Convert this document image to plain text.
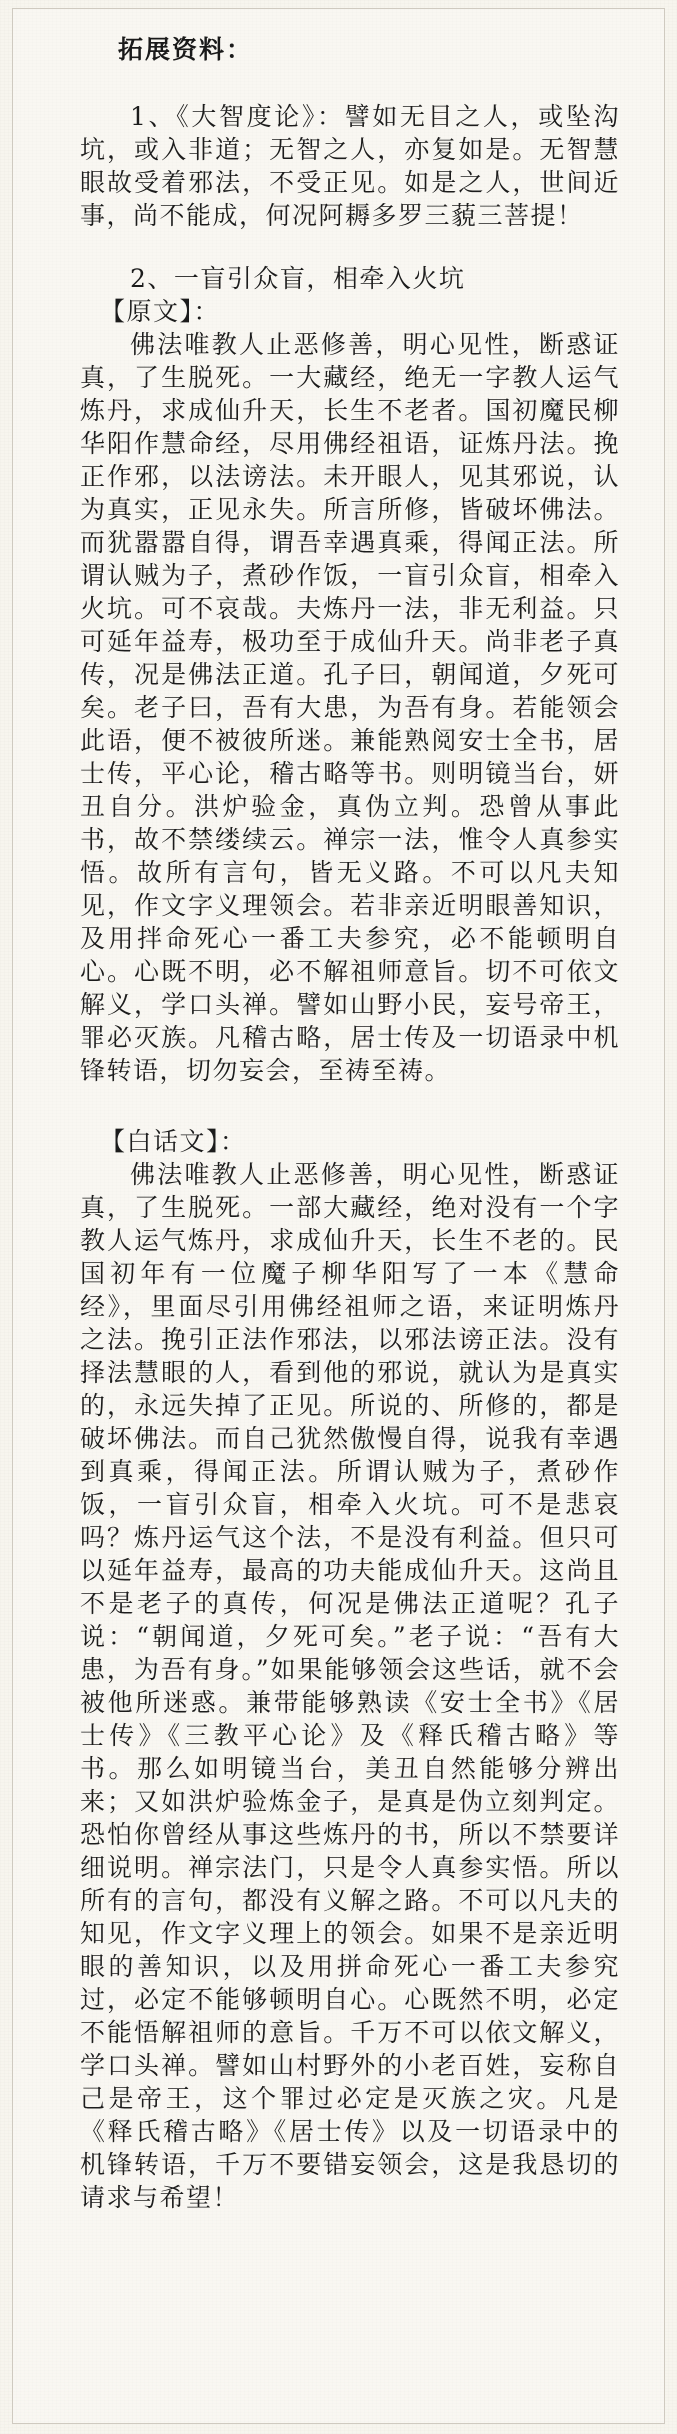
拓展资料：

1、《大智度论》：譬如无目之人，或坠沟坑，或入非道；无智之人，亦复如是。无智慧眼故受着邪法，不受正见。如是之人，世间近事，尚不能成，何况阿耨多罗三藐三菩提！

2、一盲引众盲，相牵入火坑
【原文】：

佛法唯教人止恶修善，明心见性，断惑证真，了生脱死。一大藏经，绝无一字教人运气炼丹，求成仙升天，长生不老者。国初魔民柳华阳作慧命经，尽用佛经祖语，证炼丹法。挽正作邪，以法谤法。未开眼人，见其邪说，认为真实，正见永失。所言所修，皆破坏佛法。而犹嚣嚣自得，谓吾幸遇真乘，得闻正法。所谓认贼为子，煮砂作饭，一盲引众盲，相牵入火坑。可不哀哉。夫炼丹一法，非无利益。只可延年益寿，极功至于成仙升天。尚非老子真传，况是佛法正道。孔子曰，朝闻道，夕死可矣。老子曰，吾有大患，为吾有身。若能领会此语，便不被彼所迷。兼能熟阅安士全书，居士传，平心论，稽古略等书。则明镜当台，妍丑自分。洪炉验金，真伪立判。恐曾从事此书，故不禁缕续云。禅宗一法，惟令人真参实悟。故所有言句，皆无义路。不可以凡夫知见，作文字义理领会。若非亲近明眼善知识，及用拌命死心一番工夫参究，必不能顿明自心。心既不明，必不解祖师意旨。切不可依文解义，学口头禅。譬如山野小民，妄号帝王，罪必灭族。凡稽古略，居士传及一切语录中机锋转语，切勿妄会，至祷至祷。

【白话文】：

佛法唯教人止恶修善，明心见性，断惑证真，了生脱死。一部大藏经，绝对没有一个字教人运气炼丹，求成仙升天，长生不老的。民国初年有一位魔子柳华阳写了一本《慧命经》，里面尽引用佛经祖师之语，来证明炼丹之法。挽引正法作邪法，以邪法谤正法。没有择法慧眼的人，看到他的邪说，就认为是真实的，永远失掉了正见。所说的、所修的，都是破坏佛法。而自己犹然傲慢自得，说我有幸遇到真乘，得闻正法。所谓认贼为子，煮砂作饭，一盲引众盲，相牵入火坑。可不是悲哀吗？炼丹运气这个法，不是没有利益。但只可以延年益寿，最高的功夫能成仙升天。这尚且不是老子的真传，何况是佛法正道呢？孔子说：“朝闻道，夕死可矣。”老子说：“吾有大患，为吾有身。”如果能够领会这些话，就不会被他所迷惑。兼带能够熟读《安士全书》《居士传》《三教平心论》及《释氏稽古略》等书。那么如明镜当台，美丑自然能够分辨出来；又如洪炉验炼金子，是真是伪立刻判定。恐怕你曾经从事这些炼丹的书，所以不禁要详细说明。禅宗法门，只是令人真参实悟。所以所有的言句，都没有义解之路。不可以凡夫的知见，作文字义理上的领会。如果不是亲近明眼的善知识，以及用拼命死心一番工夫参究过，必定不能够顿明自心。心既然不明，必定不能悟解祖师的意旨。千万不可以依文解义，学口头禅。譬如山村野外的小老百姓，妄称自己是帝王，这个罪过必定是灭族之灾。凡是《释氏稽古略》《居士传》以及一切语录中的机锋转语，千万不要错妄领会，这是我恳切的请求与希望！
